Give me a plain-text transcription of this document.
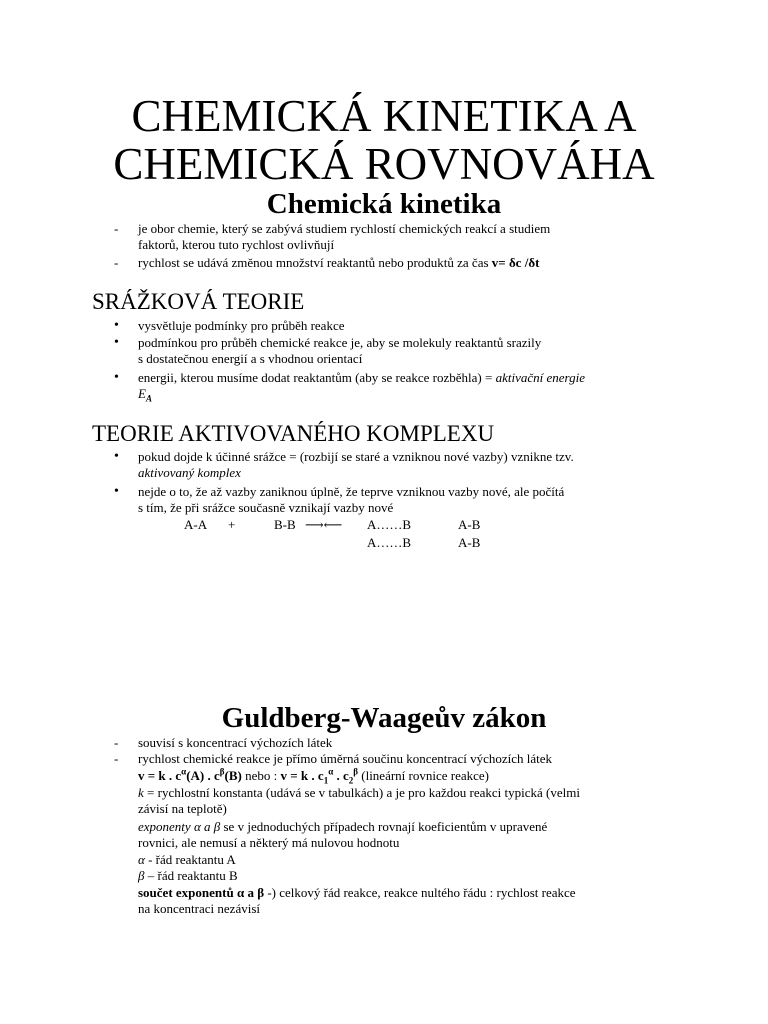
CHEMICKÁ KINETIKA A
CHEMICKÁ ROVNOVÁHA
Chemická kinetika
- je obor chemie, který se zabývá studiem rychlostí chemických reakcí a studiem
faktorů, kterou tuto rychlost ovlivňují
- rychlost se udává změnou množství reaktantů nebo produktů za čas v= δc /δt
SRÁŽKOVÁ TEORIE
• vysvětluje podmínky pro průběh reakce
• podmínkou pro průběh chemické reakce je, aby se molekuly reaktantů srazily
s dostatečnou energií a s vhodnou orientací
• energii, kterou musíme dodat reaktantům (aby se reakce rozběhla) = aktivační energie
$E_A$
TEORIE AKTIVOVANÉHO KOMPLEXU
• pokud dojde k účinné srážce = (rozbijí se staré a vzniknou nové vazby) vznikne tzv.
aktivovaný komplex
• nejde o to, že až vazby zaniknou úplně, že teprve vzniknou vazby nové, ale počítá
s tím, že při srážce současně vznikají vazby nové
A-A +	B-B ⟶⟵ A……B	A-B
A……B	A-B
Guldberg-Waageův zákon
- souvisí s koncentrací výchozích látek
- rychlost chemické reakce je přímo úměrná součinu koncentrací výchozích látek
v = k . $c^\alpha(A)$ . $c^\beta(B)$ nebo : v = k . $c_1^\alpha$ . $c_2^\beta$ (lineární rovnice reakce)
k = rychlostní konstanta (udává se v tabulkách) a je pro každou reakci typická (velmi
závisí na teplotě)
exponenty α a β se v jednoduchých případech rovnají koeficientům v upravené
rovnici, ale nemusí a některý má nulovou hodnotu
α - řád reaktantu A
β – řád reaktantu B
součet exponentů α a β -) celkový řád reakce, reakce nultého řádu : rychlost reakce
na koncentraci nezávisí
